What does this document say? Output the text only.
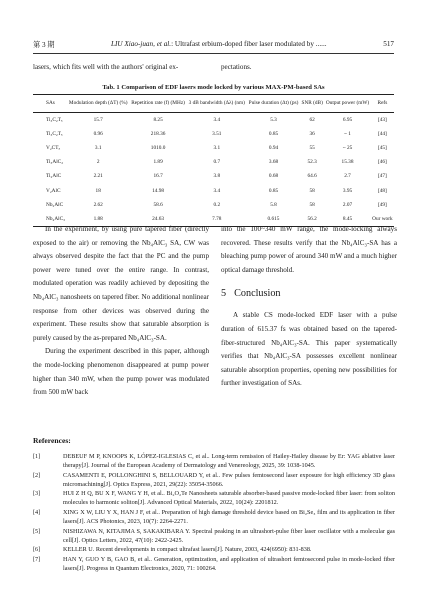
第 3 期	LIU Xiao-juan, et al.: Ultrafast erbium-doped fiber laser modulated by ......	517
lasers, which fits well with the authors' original ex-	pectations.
Tab. 1 Comparison of EDF lasers mode locked by various MAX-PM-based SAs
SAs	Modulation depth (ΔT) (%)	Repetition rate (f) (MHz)	3 dB bandwidth (Δλ) (nm)	Pulse duration (Δt) (ps)	SNR (dB)	Output power (mW)	Refs
Ti₃C₂Tₓ	15.7	8.25	3.4	5.3	62	6.95	[43]
Ti₃C₂Tₓ	0.96	218.36	3.51	0.85	36	~ 1	[44]
V₂CTₓ	3.1	1010.0	3.1	0.94	55	~ 25	[45]
Ti₃AlC₂	2	1.89	0.7	3.68	52.3	15.38	[46]
Ti₂AlC	2.21	16.7	3.8	0.68	64.6	2.7	[47]
V₂AlC	18	14.98	3.4	0.85	58	3.95	[48]
Nb₂AlC	2.62	58.6	0.2	5.8	58	2.07	[49]
Nb₄AlC₃	1.88	24.63	7.78	0.615	56.2	8.45	Our work

In the experiment, by using pure tapered fiber (directly exposed to the air) or removing the Nb₄AlC₃ SA, CW was always observed despite the fact that the PC and the pump power were tuned over the entire range. In contrast, modulated operation was readily achieved by depositing the Nb₄AlC₃ nanosheets on tapered fiber. No additional nonlinear response from other devices was observed during the experiment. These results show that saturable absorption is purely caused by the as-prepared Nb₄AlC₃-SA.

During the experiment described in this paper, although the mode-locking phenomenon disappeared at pump power higher than 340 mW, when the pump power was modulated from 500 mW back

into the 100~340 mW range, the mode-locking always recovered. These results verify that the Nb₄AlC₃-SA has a bleaching pump power of around 340 mW and a much higher optical damage threshold.

5 Conclusion

A stable CS mode-locked EDF laser with a pulse duration of 615.37 fs was obtained based on the tapered-fiber-structured Nb₄AlC₃-SA. This paper systematically verifies that Nb₄AlC₃-SA possesses excellent nonlinear saturable absorption properties, opening new possibilities for further investigation of SAs.

References:
[1]	DEBEUF M P, KNOOPS K, LÓPEZ-IGLESIAS C, et al.. Long-term remission of Hailey-Hailey disease by Er: YAG ablative laser therapy[J]. Journal of the European Academy of Dermatology and Venereology, 2025, 39: 1038-1045.
[2]	CASAMENTI E, POLLONGHINI S, BELLOUARD Y, et al.. Few pulses femtosecond laser exposure for high efficiency 3D glass micromachining[J]. Optics Express, 2021, 29(22): 35054-35066.
[3]	HUI Z H Q, BU X F, WANG Y H, et al.. Bi₂O₂Te Nanosheets saturable absorber-based passive mode-locked fiber laser: from soliton molecules to harmonic soliton[J]. Advanced Optical Materials, 2022, 10(24): 2201812.
[4]	XING X W, LIU Y X, HAN J F, et al.. Preparation of high damage threshold device based on Bi₂Se₃ film and its application in fiber lasers[J]. ACS Photonics, 2023, 10(7): 2264-2271.
[5]	NISHIZAWA N, KITAJIMA S, SAKAKIBARA Y. Spectral peaking in an ultrashort-pulse fiber laser oscillator with a molecular gas cell[J]. Optics Letters, 2022, 47(10): 2422-2425.
[6]	KELLER U. Recent developments in compact ultrafast lasers[J]. Nature, 2003, 424(6950): 831-838.
[7]	HAN Y, GUO Y B, GAO B, et al.. Generation, optimization, and application of ultrashort femtosecond pulse in mode-locked fiber lasers[J]. Progress in Quantum Electronics, 2020, 71: 100264.
